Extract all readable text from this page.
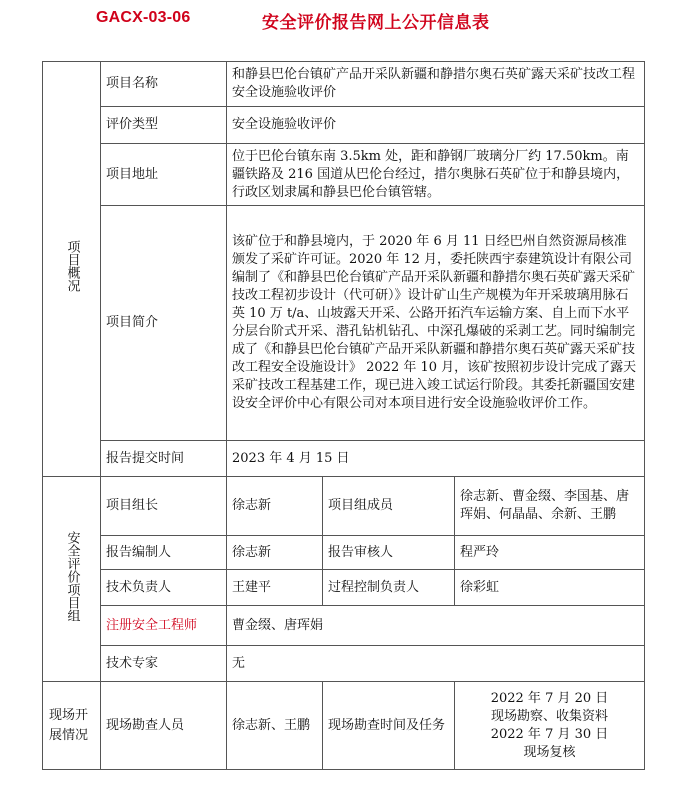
GACX-03-06	安全评价报告网上公开信息表
项目概况	项目名称	和静县巴伦台镇矿产品开采队新疆和静措尔奥石英矿露天采矿技改工程安全设施验收评价		
	评价类型	安全设施验收评价		
	项目地址	位于巴伦台镇东南 3.5km 处，距和静钢厂玻璃分厂约 17.50km。南疆铁路及 216 国道从巴伦台经过，措尔奥脉石英矿位于和静县境内，行政区划隶属和静县巴伦台镇管辖。		
	项目简介	该矿位于和静县境内，于 2020 年 6 月 11 日经巴州自然资源局核准颁发了采矿许可证。2020 年 12 月，委托陕西宇泰建筑设计有限公司编制了《和静县巴伦台镇矿产品开采队新疆和静措尔奥石英矿露天采矿技改工程初步设计（代可研）》设计矿山生产规模为年开采玻璃用脉石英 10 万 t/a、山坡露天开采、公路开拓汽车运输方案、自上而下水平分层台阶式开采、潜孔钻机钻孔、中深孔爆破的采剥工艺。同时编制完成了《和静县巴伦台镇矿产品开采队新疆和静措尔奥石英矿露天采矿技改工程安全设施设计》 2022 年 10 月，该矿按照初步设计完成了露天采矿技改工程基建工作，现已进入竣工试运行阶段。其委托新疆国安建设安全评价中心有限公司对本项目进行安全设施验收评价工作。		
	报告提交时间	2023 年 4 月 15 日		
安全评价项目组	项目组长	徐志新	项目组成员	徐志新、曹金缀、李国基、唐珲娟、何晶晶、余新、王鹏
	报告编制人	徐志新	报告审核人	程严玲
	技术负责人	王建平	过程控制负责人	徐彩虹
	注册安全工程师	曹金缀、唐珲娟		
	技术专家	无		

现场开展情况	现场勘查人员	徐志新、王鹏	现场勘查时间及任务	2022 年 7 月 20 日
现场勘察、收集资料
2022 年 7 月 30 日
现场复核
